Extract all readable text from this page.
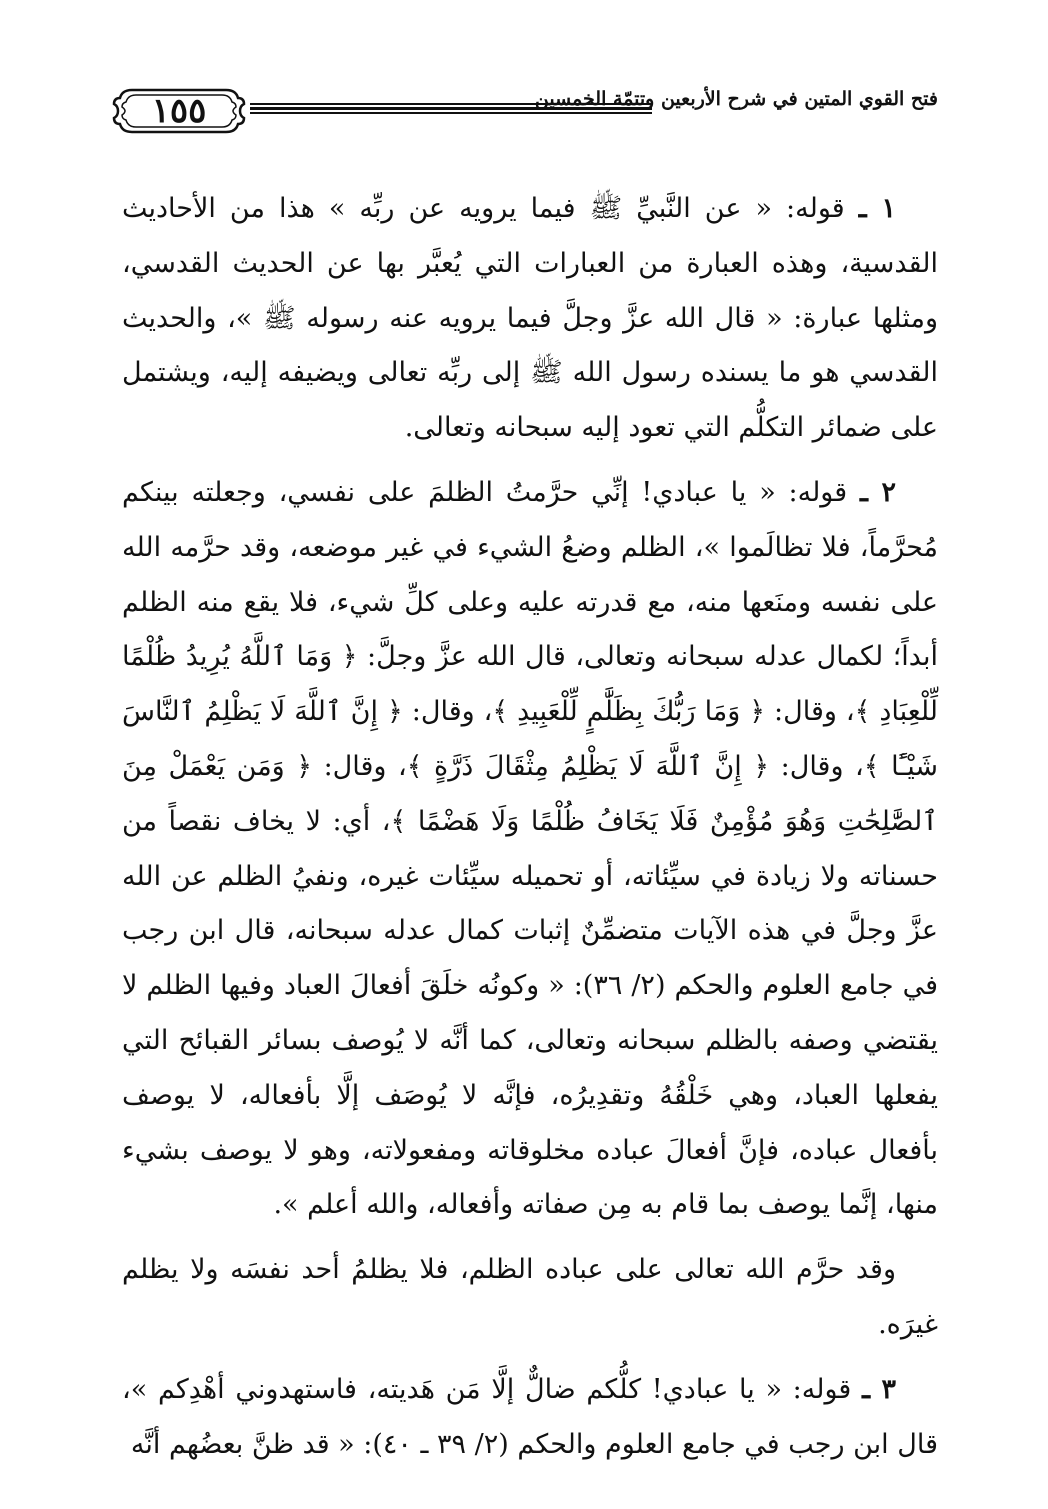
١٥٥	فتح القوي المتين في شرح الأربعين وتتمّة الخمسين

١ ـ قوله: « عن النَّبيِّ ﷺ فيما يرويه عن ربِّه » هذا من الأحاديث القدسية، وهذه العبارة من العبارات التي يُعبَّر بها عن الحديث القدسي، ومثلها عبارة: « قال الله عزَّ وجلَّ فيما يرويه عنه رسوله ﷺ »، والحديث القدسي هو ما يسنده رسول الله ﷺ إلى ربِّه تعالى ويضيفه إليه، ويشتمل على ضمائر التكلُّم التي تعود إليه سبحانه وتعالى.

٢ ـ قوله: « يا عبادي! إنِّي حرَّمتُ الظلمَ على نفسي، وجعلته بينكم مُحرَّماً، فلا تظالَموا »، الظلم وضعُ الشيء في غير موضعه، وقد حرَّمه الله على نفسه ومنَعها منه، مع قدرته عليه وعلى كلِّ شيء، فلا يقع منه الظلم أبداً؛ لكمال عدله سبحانه وتعالى، قال الله عزَّ وجلَّ: ﴿ وَمَا ٱللَّهُ يُرِيدُ ظُلْمًا لِّلْعِبَادِ ﴾، وقال: ﴿ وَمَا رَبُّكَ بِظَلَّٰمٍ لِّلْعَبِيدِ ﴾، وقال: ﴿ إِنَّ ٱللَّهَ لَا يَظْلِمُ ٱلنَّاسَ شَيْـًٔا ﴾، وقال: ﴿ إِنَّ ٱللَّهَ لَا يَظْلِمُ مِثْقَالَ ذَرَّةٍ ﴾، وقال: ﴿ وَمَن يَعْمَلْ مِنَ ٱلصَّٰلِحَٰتِ وَهُوَ مُؤْمِنٌ فَلَا يَخَافُ ظُلْمًا وَلَا هَضْمًا ﴾، أي: لا يخاف نقصاً من حسناته ولا زيادة في سيِّئاته، أو تحميله سيِّئات غيره، ونفيُ الظلم عن الله عزَّ وجلَّ في هذه الآيات متضمِّنٌ إثبات كمال عدله سبحانه، قال ابن رجب في جامع العلوم والحكم (٢/ ٣٦): « وكونُه خلَقَ أفعالَ العباد وفيها الظلم لا يقتضي وصفه بالظلم سبحانه وتعالى، كما أنَّه لا يُوصف بسائر القبائح التي يفعلها العباد، وهي خَلْقُهُ وتقدِيرُه، فإنَّه لا يُوصَف إلَّا بأفعاله، لا يوصف بأفعال عباده، فإنَّ أفعالَ عباده مخلوقاته ومفعولاته، وهو لا يوصف بشيء منها، إنَّما يوصف بما قام به مِن صفاته وأفعاله، والله أعلم ».

وقد حرَّم الله تعالى على عباده الظلم، فلا يظلمُ أحد نفسَه ولا يظلم غيرَه.

٣ ـ قوله: « يا عبادي! كلُّكم ضالٌّ إلَّا مَن هَديته، فاستهدوني أهْدِكم »، قال ابن رجب في جامع العلوم والحكم (٢/ ٣٩ ـ ٤٠): « قد ظنَّ بعضُهم أنَّه
